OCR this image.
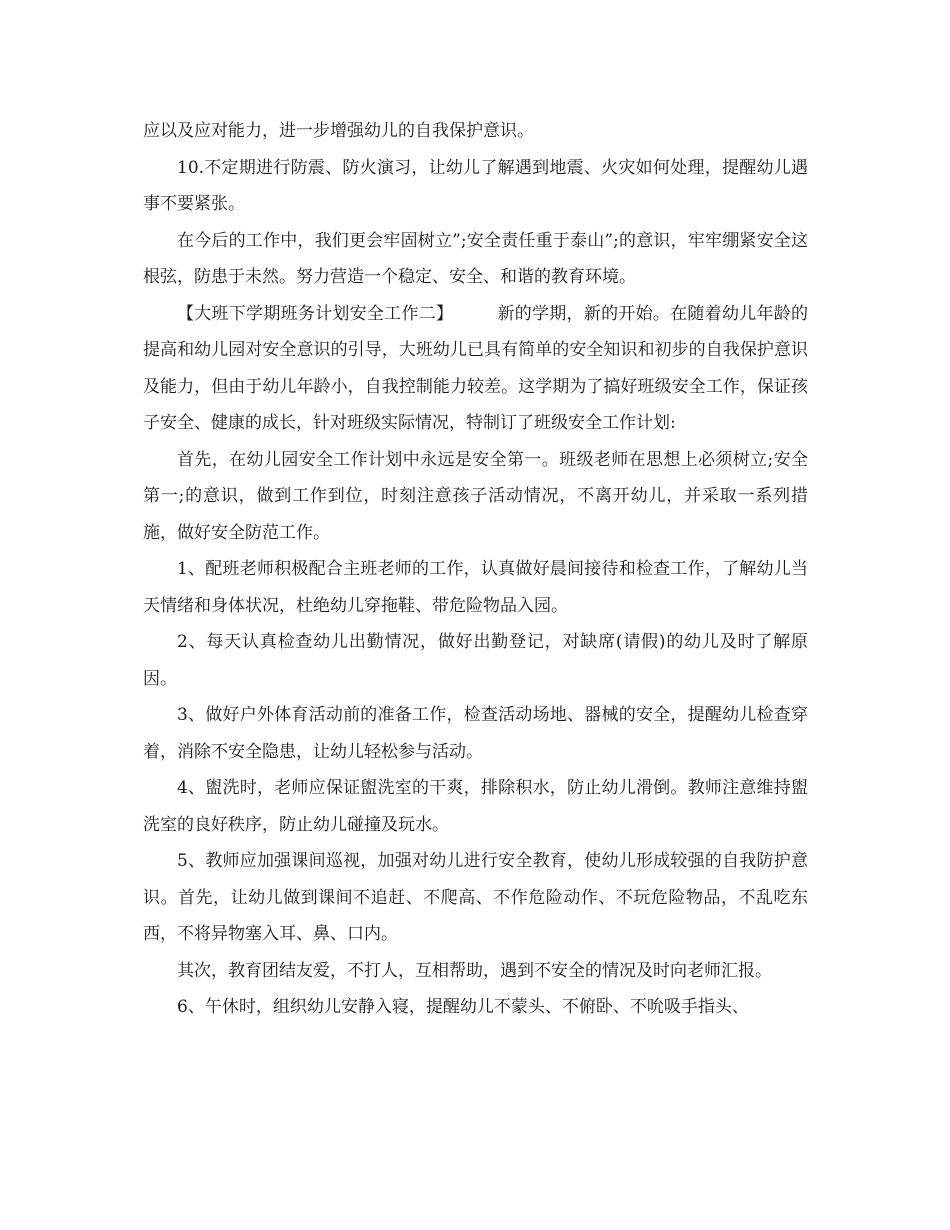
应以及应对能力，进一步增强幼儿的自我保护意识。

10.不定期进行防震、防火演习，让幼儿了解遇到地震、火灾如何处理，提醒幼儿遇事不要紧张。

在今后的工作中，我们更会牢固树立”;安全责任重于泰山”;的意识，牢牢绷紧安全这根弦，防患于未然。努力营造一个稳定、安全、和谐的教育环境。

【大班下学期班务计划安全工作二】	新的学期，新的开始。在随着幼儿年龄的提高和幼儿园对安全意识的引导，大班幼儿已具有简单的安全知识和初步的自我保护意识及能力，但由于幼儿年龄小，自我控制能力较差。这学期为了搞好班级安全工作，保证孩子安全、健康的成长，针对班级实际情况，特制订了班级安全工作计划:

首先，在幼儿园安全工作计划中永远是安全第一。班级老师在思想上必须树立;安全第一;的意识，做到工作到位，时刻注意孩子活动情况，不离开幼儿，并采取一系列措施，做好安全防范工作。

1、配班老师积极配合主班老师的工作，认真做好晨间接待和检查工作，了解幼儿当天情绪和身体状况，杜绝幼儿穿拖鞋、带危险物品入园。

2、每天认真检查幼儿出勤情况，做好出勤登记，对缺席(请假)的幼儿及时了解原因。

3、做好户外体育活动前的准备工作，检查活动场地、器械的安全，提醒幼儿检查穿着，消除不安全隐患，让幼儿轻松参与活动。

4、盥洗时，老师应保证盥洗室的干爽，排除积水，防止幼儿滑倒。教师注意维持盥洗室的良好秩序，防止幼儿碰撞及玩水。

5、教师应加强课间巡视，加强对幼儿进行安全教育，使幼儿形成较强的自我防护意识。首先，让幼儿做到课间不追赶、不爬高、不作危险动作、不玩危险物品，不乱吃东西，不将异物塞入耳、鼻、口内。

其次，教育团结友爱，不打人，互相帮助，遇到不安全的情况及时向老师汇报。

6、午休时，组织幼儿安静入寝，提醒幼儿不蒙头、不俯卧、不吮吸手指头、
